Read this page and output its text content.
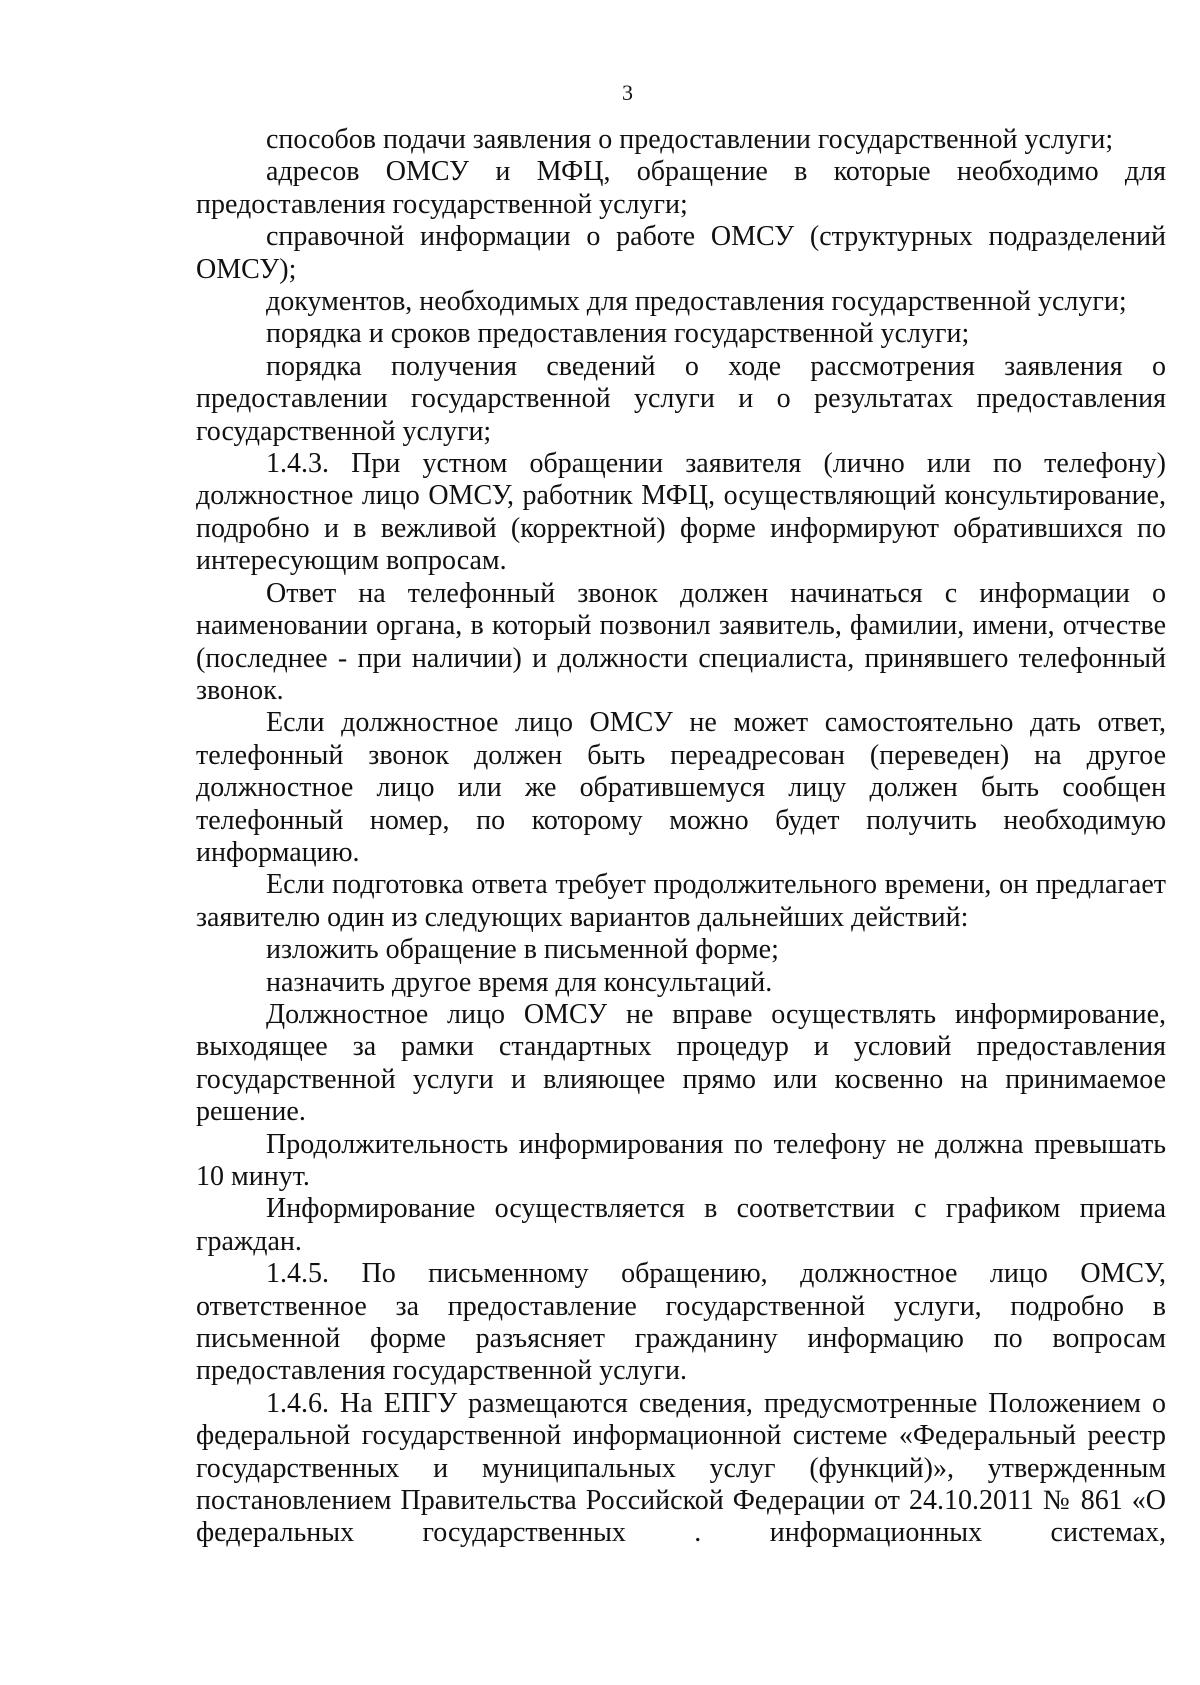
3

способов подачи заявления о предоставлении государственной услуги;

адресов ОМСУ и МФЦ, обращение в которые необходимо для предоставления государственной услуги;

справочной информации о работе ОМСУ (структурных подразделений ОМСУ);

документов, необходимых для предоставления государственной услуги;

порядка и сроков предоставления государственной услуги;

порядка получения сведений о ходе рассмотрения заявления о предоставлении государственной услуги и о результатах предоставления государственной услуги;

1.4.3. При устном обращении заявителя (лично или по телефону) должностное лицо ОМСУ, работник МФЦ, осуществляющий консультирование, подробно и в вежливой (корректной) форме информируют обратившихся по интересующим вопросам.

Ответ на телефонный звонок должен начинаться с информации о наименовании органа, в который позвонил заявитель, фамилии, имени, отчестве (последнее - при наличии) и должности специалиста, принявшего телефонный звонок.

Если должностное лицо ОМСУ не может самостоятельно дать ответ, телефонный звонок должен быть переадресован (переведен) на другое должностное лицо или же обратившемуся лицу должен быть сообщен телефонный номер, по которому можно будет получить необходимую информацию.

Если подготовка ответа требует продолжительного времени, он предлагает заявителю один из следующих вариантов дальнейших действий:

изложить обращение в письменной форме;

назначить другое время для консультаций.

Должностное лицо ОМСУ не вправе осуществлять информирование, выходящее за рамки стандартных процедур и условий предоставления государственной услуги и влияющее прямо или косвенно на принимаемое решение.

Продолжительность информирования по телефону не должна превышать 10 минут.

Информирование осуществляется в соответствии с графиком приема граждан.

1.4.5. По письменному обращению, должностное лицо ОМСУ, ответственное за предоставление государственной услуги, подробно в письменной форме разъясняет гражданину информацию по вопросам предоставления государственной услуги.

1.4.6. На ЕПГУ размещаются сведения, предусмотренные Положением о федеральной государственной информационной системе «Федеральный реестр государственных и муниципальных услуг (функций)», утвержденным постановлением Правительства Российской Федерации от 24.10.2011 № 861 «О федеральных государственных . информационных системах,
